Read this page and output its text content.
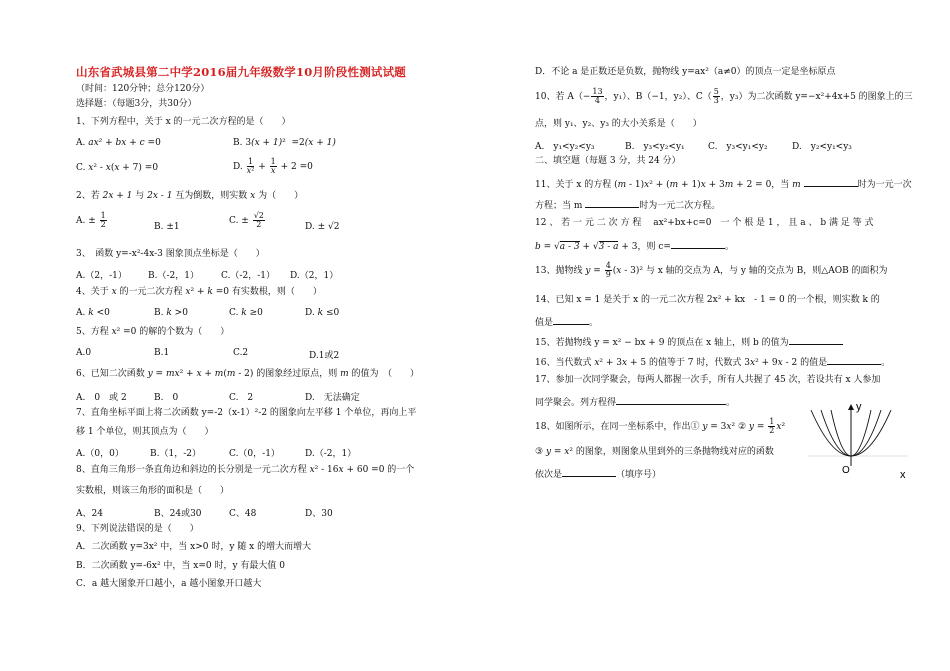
山东省武城县第二中学2016届九年级数学10月阶段性测试试题
（时间：120分钟；总分120分）
选择题：（每题3分，共30分）
1、下列方程中，关于 x 的一元二次方程的是（　　）
A. ax² + bx + c =0	B. 3(x + 1)²  =2(x + 1)
C. x² - x(x + 7) =0	D. $\frac{1}{\text{x²}} + \frac{1}{x} + 2 =0$
2、若 2x + 1 与 2x - 1 互为倒数，则实数 x 为（　　）
A. ± $\frac{1}{2}$	B. ±1
C. ± $\frac{√2}{2}$	D. ± √2
3、　函数 y=-x²-4x-3 图象顶点坐标是（　　）
A.（2，-1） B.（-2，1） C.（-2，-1） D.（2，1）
4、关于 x 的一元二次方程 x² + k =0 有实数根，则（　　）
A. k <0	B. k >0	C. k ≥0	D. k ≤0
5、方程 x² =0 的解的个数为（　　）
A.0	B.1	C.2	D.1或2
6、已知二次函数 y = mx² + x + m(m - 2) 的图象经过原点，则 m 的值为　（　　）
A.　0　或 2	B.　0	C.　2	D.　无法确定
7、直角坐标平面上将二次函数 y=-2（x-1）²-2 的图象向左平移 1 个单位，再向上平
移 1 个单位，则其顶点为（　　）
A.（0，0）	B.（1，-2）	C.（0，-1）	D.（-2，1）
8、直角三角形一条直角边和斜边的长分别是一元二次方程 x² - 16x + 60 =0 的一个
实数根，则该三角形的面积是（　　）
A、24	B、24或30	C、48	D、30
9、下列说法错误的是（　　）
A．二次函数 y=3x² 中，当 x>0 时，y 随 x 的增大而增大
B．二次函数 y=-6x² 中，当 x=0 时，y 有最大值 0
C．a 越大图象开口越小，a 越小图象开口越大
D．不论 a 是正数还是负数，抛物线 y=ax²（a≠0）的顶点一定是坐标原点
10、若 $A(- \frac{13}{4}$ ，y₁）、B（−1，y₂）、$C( \frac{5}{3}$ ，y₃）为二次函数 y=−x²+4x+5 的图象上的三
点，则 y₁、y₂、y₃ 的大小关系是（　　）
A.　y₁<y₂<y₃	B.　y₃<y₂<y₁	C.　y₃<y₁<y₂	D.　y₂<y₁<y₃
二、填空题（每题 3 分，共 24 分）
11、关于 x 的方程 (m - 1)x² + (m + 1)x + 3m + 2 = 0，当 m	时为一元一次
方程；当 m	时为一元二次方程。
12 、 若 一 元 二 次 方 程 　ax²+bx+c=0　一 个 根 是 1 ， 且 a 、 b 满 足 等 式
b = √a - 3 + √3 - a + 3，则 c=	。
13、抛物线 $y = \frac{4}{9} (x - 3)^2$ 与 x 轴的交点为 A，与 y 轴的交点为 B，则△AOB 的面积为
14、已知 x = 1 是关于 x 的一元二次方程 2x² + kx　- 1 = 0 的一个根，则实数 k 的
值是	。
15、若抛物线 y = x² − bx + 9 的顶点在 x 轴上，则 b 的值为
16、当代数式 x² + 3x + 5 的值等于 7 时，代数式 3x² + 9x - 2 的值是	。
17、参加一次同学聚会，每两人都握一次手，所有人共握了 45 次，若设共有 x 人参加
同学聚会。列方程得	。
18、如图所示，在同一坐标系中，作出① y = 3x² ② $y = \frac{1}{2} x^2$
③ y = x² 的图象，则图象从里到外的三条抛物线对应的函数
依次是	（填序号）
y
O	x
